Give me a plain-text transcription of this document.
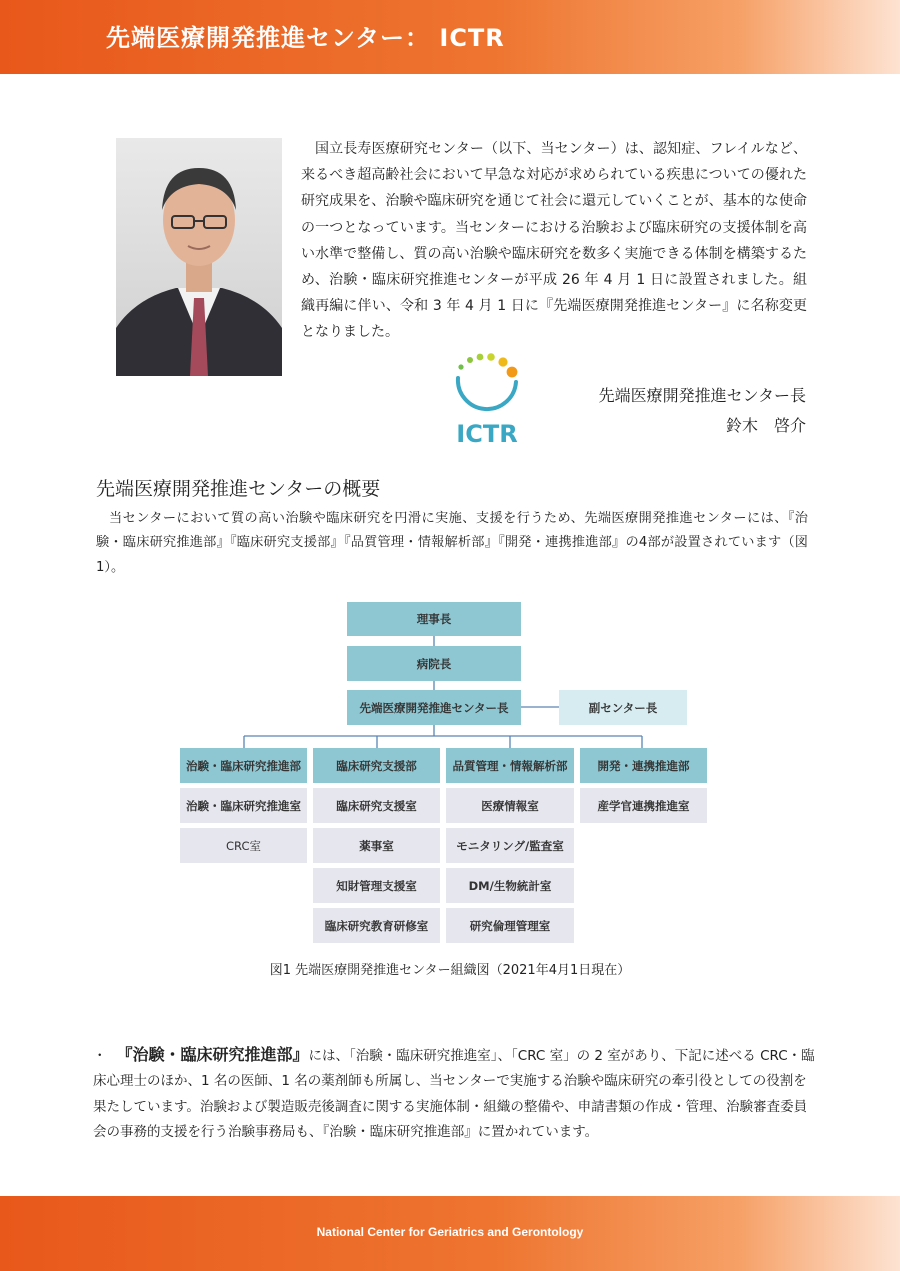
先端医療開発推進センター： ICTR

国立長寿医療研究センター（以下、当センター）は、認知症、フレイルなど、来るべき超高齢社会において早急な対応が求められている疾患についての優れた研究成果を、治験や臨床研究を通じて社会に還元していくことが、基本的な使命の一つとなっています。当センターにおける治験および臨床研究の支援体制を高い水準で整備し、質の高い治験や臨床研究を数多く実施できる体制を構築するため、治験・臨床研究推進センターが平成 26 年 4 月 1 日に設置されました。組織再編に伴い、令和 3 年 4 月 1 日に『先端医療開発推進センター』に名称変更となりました。

ICTR
先端医療開発推進センター長
鈴木　啓介
先端医療開発推進センターの概要

当センターにおいて質の高い治験や臨床研究を円滑に実施、支援を行うため、先端医療開発推進センターには、『治験・臨床研究推進部』『臨床研究支援部』『品質管理・情報解析部』『開発・連携推進部』の4部が設置されています（図1）。

理事長
病院長
先端医療開発推進センター長	副センター長
治験・臨床研究推進部	臨床研究支援部	品質管理・情報解析部	開発・連携推進部
治験・臨床研究推進室
CRC室
臨床研究支援室
薬事室
知財管理支援室
臨床研究教育研修室
医療情報室
モニタリング/監査室
DM/生物統計室
研究倫理管理室
産学官連携推進室
図1 先端医療開発推進センター組織図（2021年4月1日現在）

・ 『治験・臨床研究推進部』には、「治験・臨床研究推進室」、「CRC 室」の 2 室があり、下記に述べる CRC・臨床心理士のほか、1 名の医師、1 名の薬剤師も所属し、当センターで実施する治験や臨床研究の牽引役としての役割を果たしています。治験および製造販売後調査に関する実施体制・組織の整備や、申請書類の作成・管理、治験審査委員会の事務的支援を行う治験事務局も、『治験・臨床研究推進部』に置かれています。

National Center for Geriatrics and Gerontology
